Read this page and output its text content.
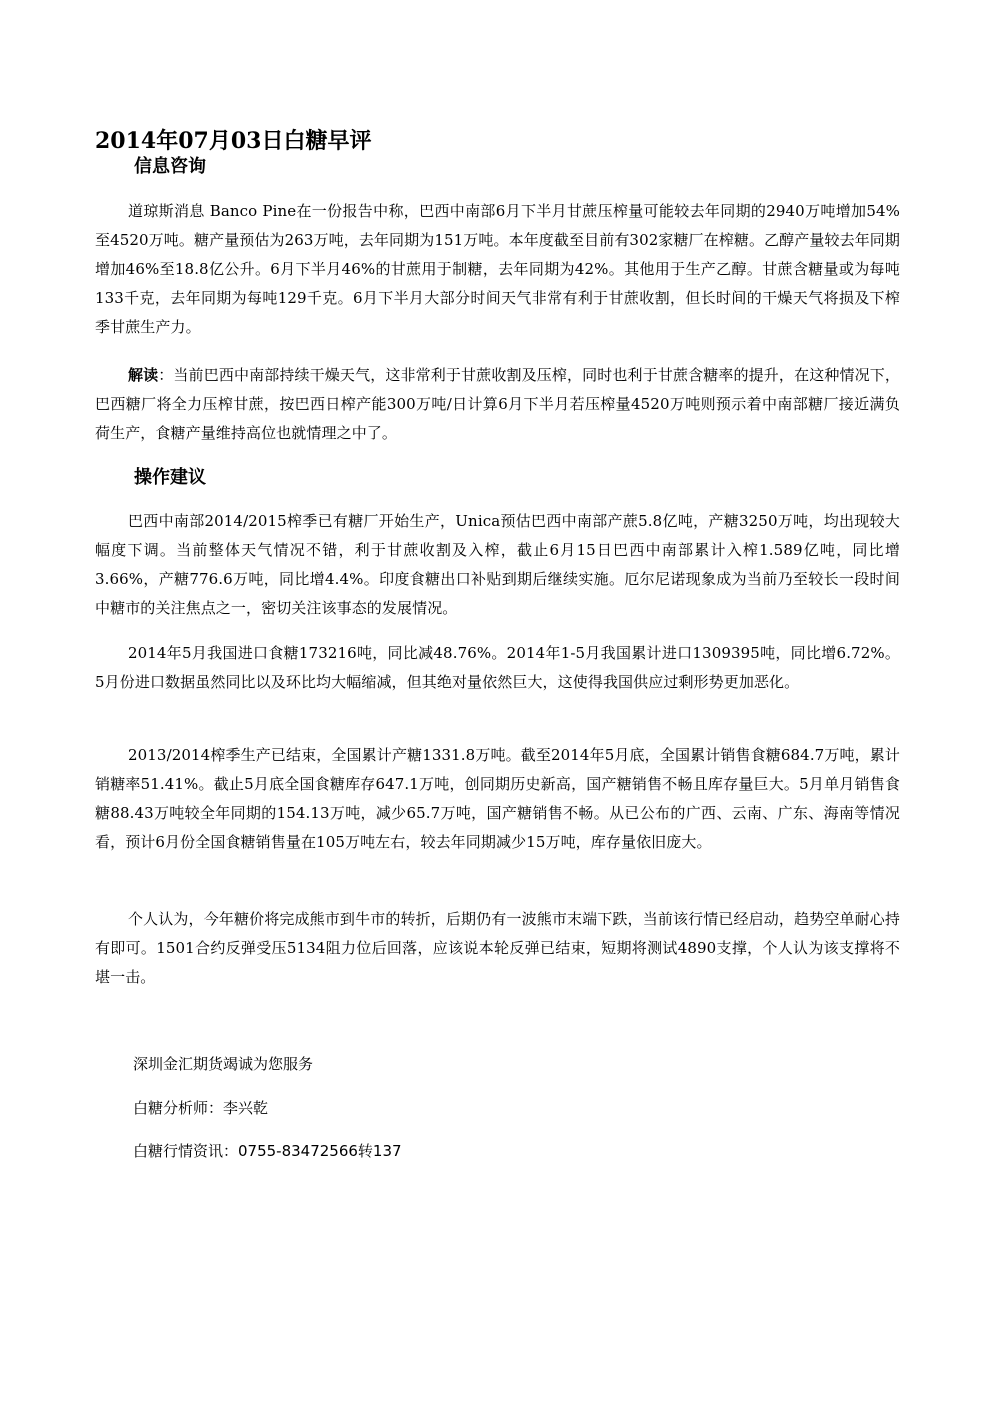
2014年07月03日白糖早评
信息咨询

道琼斯消息 Banco Pine在一份报告中称，巴西中南部6月下半月甘蔗压榨量可能较去年同期的2940万吨增加54%至4520万吨。糖产量预估为263万吨，去年同期为151万吨。本年度截至目前有302家糖厂在榨糖。乙醇产量较去年同期增加46%至18.8亿公升。6月下半月46%的甘蔗用于制糖，去年同期为42%。其他用于生产乙醇。甘蔗含糖量或为每吨133千克，去年同期为每吨129千克。6月下半月大部分时间天气非常有利于甘蔗收割，但长时间的干燥天气将损及下榨季甘蔗生产力。

解读：当前巴西中南部持续干燥天气，这非常利于甘蔗收割及压榨，同时也利于甘蔗含糖率的提升，在这种情况下，巴西糖厂将全力压榨甘蔗，按巴西日榨产能300万吨/日计算6月下半月若压榨量4520万吨则预示着中南部糖厂接近满负荷生产，食糖产量维持高位也就情理之中了。

操作建议

巴西中南部2014/2015榨季已有糖厂开始生产，Unica预估巴西中南部产蔗5.8亿吨，产糖3250万吨，均出现较大幅度下调。当前整体天气情况不错，利于甘蔗收割及入榨，截止6月15日巴西中南部累计入榨1.589亿吨，同比增3.66%，产糖776.6万吨，同比增4.4%。印度食糖出口补贴到期后继续实施。厄尔尼诺现象成为当前乃至较长一段时间中糖市的关注焦点之一，密切关注该事态的发展情况。

2014年5月我国进口食糖173216吨，同比减48.76%。2014年1-5月我国累计进口1309395吨，同比增6.72%。5月份进口数据虽然同比以及环比均大幅缩减，但其绝对量依然巨大，这使得我国供应过剩形势更加恶化。

2013/2014榨季生产已结束，全国累计产糖1331.8万吨。截至2014年5月底，全国累计销售食糖684.7万吨，累计销糖率51.41%。截止5月底全国食糖库存647.1万吨，创同期历史新高，国产糖销售不畅且库存量巨大。5月单月销售食糖88.43万吨较全年同期的154.13万吨，减少65.7万吨，国产糖销售不畅。从已公布的广西、云南、广东、海南等情况看，预计6月份全国食糖销售量在105万吨左右，较去年同期减少15万吨，库存量依旧庞大。

个人认为，今年糖价将完成熊市到牛市的转折，后期仍有一波熊市末端下跌，当前该行情已经启动，趋势空单耐心持有即可。1501合约反弹受压5134阻力位后回落，应该说本轮反弹已结束，短期将测试4890支撑，个人认为该支撑将不堪一击。

深圳金汇期货竭诚为您服务
白糖分析师：李兴乾
白糖行情资讯：0755-83472566转137
